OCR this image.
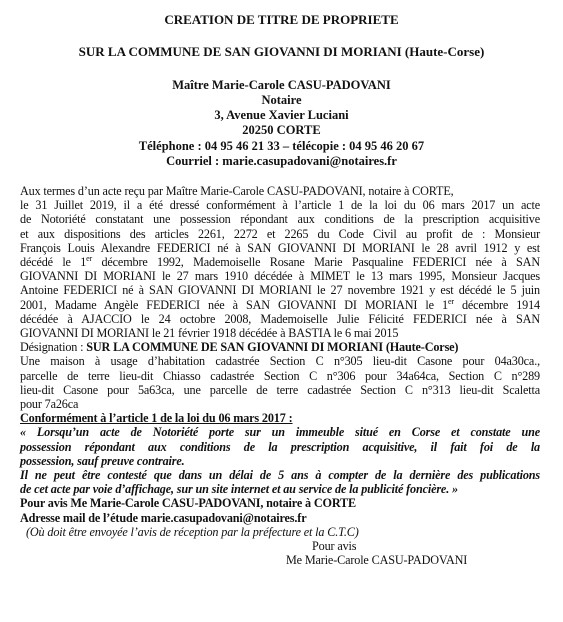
CREATION DE TITRE DE PROPRIETE
SUR LA COMMUNE DE SAN GIOVANNI DI MORIANI (Haute-Corse)
Maître Marie-Carole CASU-PADOVANI
Notaire
3, Avenue Xavier Luciani
20250 CORTE
Téléphone : 04 95 46 21 33 – télécopie : 04 95 46 20 67
Courriel : marie.casupadovani@notaires.fr
Aux termes d’un acte reçu par Maître Marie-Carole CASU-PADOVANI, notaire à CORTE,
le 31 Juillet 2019, il a été dressé conformément à l’article 1 de la loi du 06 mars 2017 un acte
de Notoriété constatant une possession répondant aux conditions de la prescription acquisitive
et aux dispositions des articles 2261, 2272 et 2265 du Code Civil au profit de : Monsieur
François Louis Alexandre FEDERICI né à SAN GIOVANNI DI MORIANI le 28 avril 1912 y est
décédé le 1er décembre 1992, Mademoiselle Rosane Marie Pasqualine FEDERICI née à SAN
GIOVANNI DI MORIANI le 27 mars 1910 décédée à MIMET le 13 mars 1995, Monsieur Jacques
Antoine FEDERICI né à SAN GIOVANNI DI MORIANI le 27 novembre 1921 y est décédé le 5 juin
2001, Madame Angèle FEDERICI née à SAN GIOVANNI DI MORIANI le 1er décembre 1914
décédée à AJACCIO le 24 octobre 2008, Mademoiselle Julie Félicité FEDERICI née à SAN
GIOVANNI DI MORIANI le 21 février 1918 décédée à BASTIA le 6 mai 2015
Désignation : SUR LA COMMUNE DE SAN GIOVANNI DI MORIANI (Haute-Corse)
Une maison à usage d’habitation cadastrée Section C n°305 lieu-dit Casone pour 04a30ca.,
parcelle de terre lieu-dit Chiasso cadastrée Section C n°306 pour 34a64ca, Section C n°289
lieu-dit Casone pour 5a63ca, une parcelle de terre cadastrée Section C n°313 lieu-dit Scaletta
pour 7a26ca
Conformément à l’article 1 de la loi du 06 mars 2017 :
« Lorsqu’un acte de Notoriété porte sur un immeuble situé en Corse et constate une
possession répondant aux conditions de la prescription acquisitive, il fait foi de la
possession, sauf preuve contraire.
Il ne peut être contesté que dans un délai de 5 ans à compter de la dernière des publications
de cet acte par voie d’affichage, sur un site internet et au service de la publicité foncière. »
Pour avis Me Marie-Carole CASU-PADOVANI, notaire à CORTE
Adresse mail de l’étude marie.casupadovani@notaires.fr
(Où doit être envoyée l’avis de réception par la préfecture et la C.T.C)
Pour avis
Me Marie-Carole CASU-PADOVANI
